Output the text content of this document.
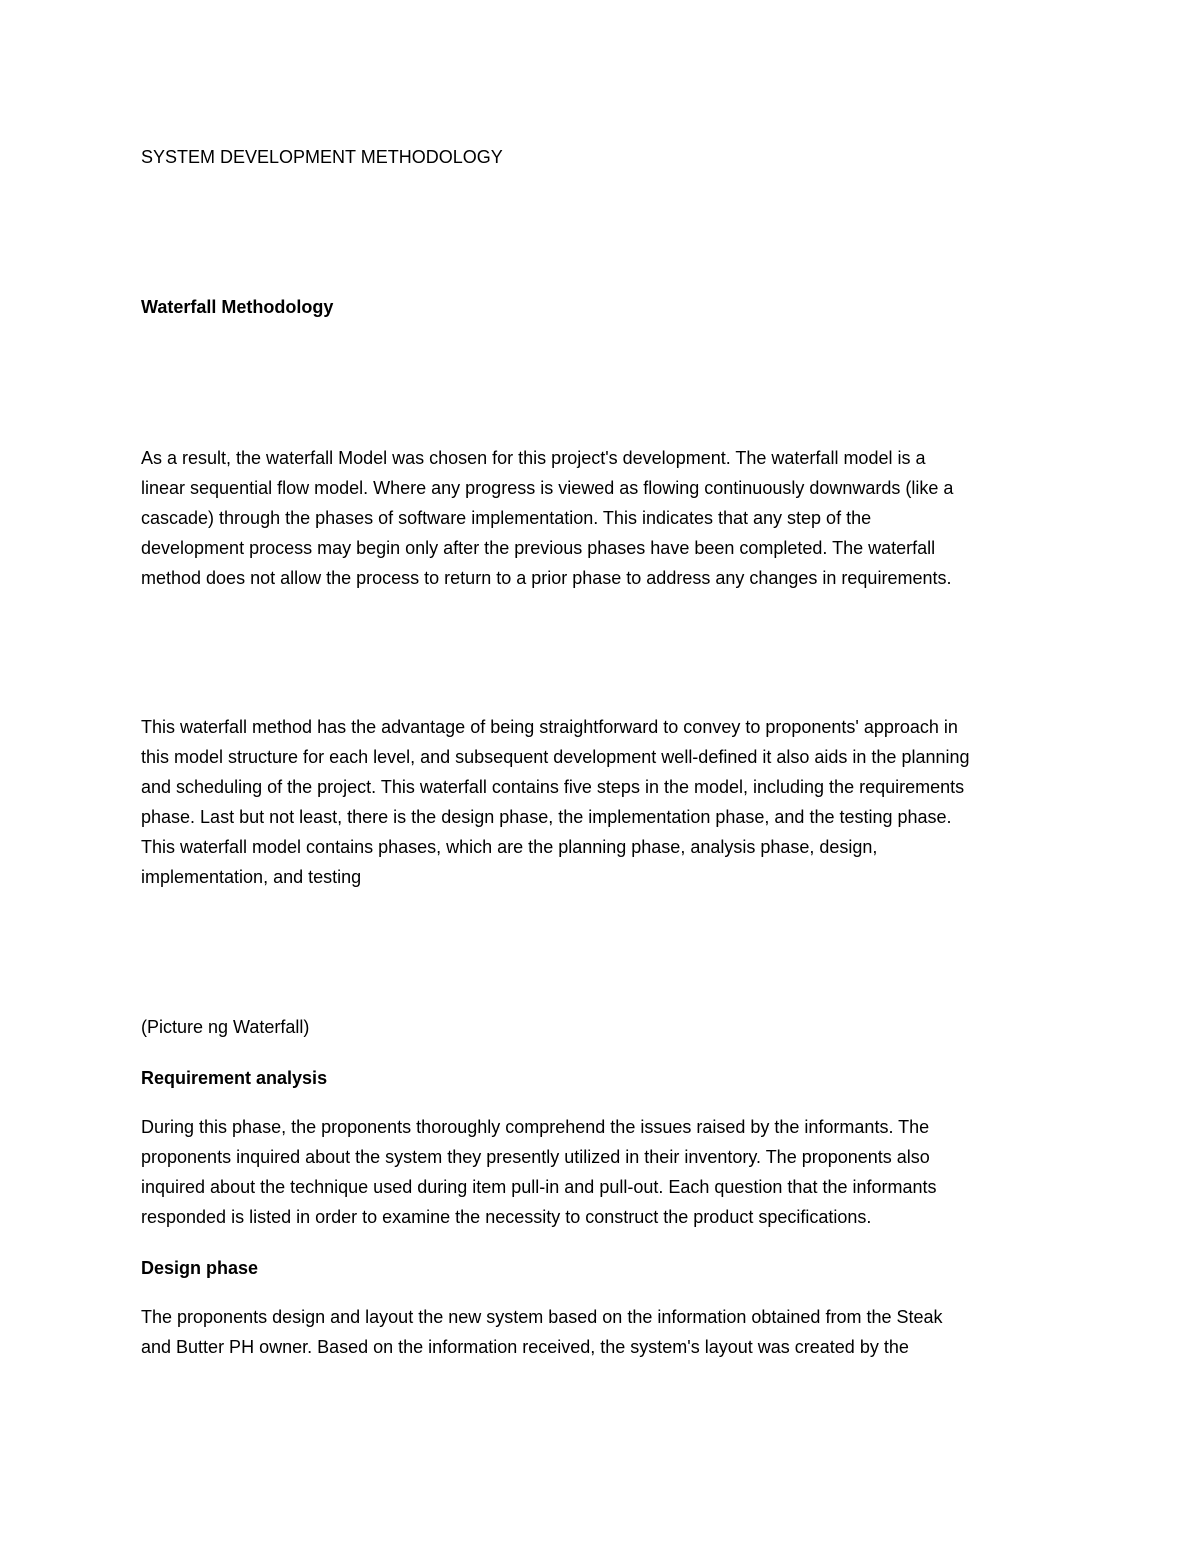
SYSTEM DEVELOPMENT METHODOLOGY

Waterfall Methodology

As a result, the waterfall Model was chosen for this project's development. The waterfall model is a

linear sequential flow model. Where any progress is viewed as flowing continuously downwards (like a

cascade) through the phases of software implementation. This indicates that any step of the

development process may begin only after the previous phases have been completed. The waterfall

method does not allow the process to return to a prior phase to address any changes in requirements.

This waterfall method has the advantage of being straightforward to convey to proponents' approach in

this model structure for each level, and subsequent development well-defined it also aids in the planning

and scheduling of the project. This waterfall contains five steps in the model, including the requirements

phase. Last but not least, there is the design phase, the implementation phase, and the testing phase.

This waterfall model contains phases, which are the planning phase, analysis phase, design,

implementation, and testing

(Picture ng Waterfall)

Requirement analysis

During this phase, the proponents thoroughly comprehend the issues raised by the informants. The

proponents inquired about the system they presently utilized in their inventory. The proponents also

inquired about the technique used during item pull-in and pull-out. Each question that the informants

responded is listed in order to examine the necessity to construct the product specifications.

Design phase

The proponents design and layout the new system based on the information obtained from the Steak

and Butter PH owner. Based on the information received, the system's layout was created by the
